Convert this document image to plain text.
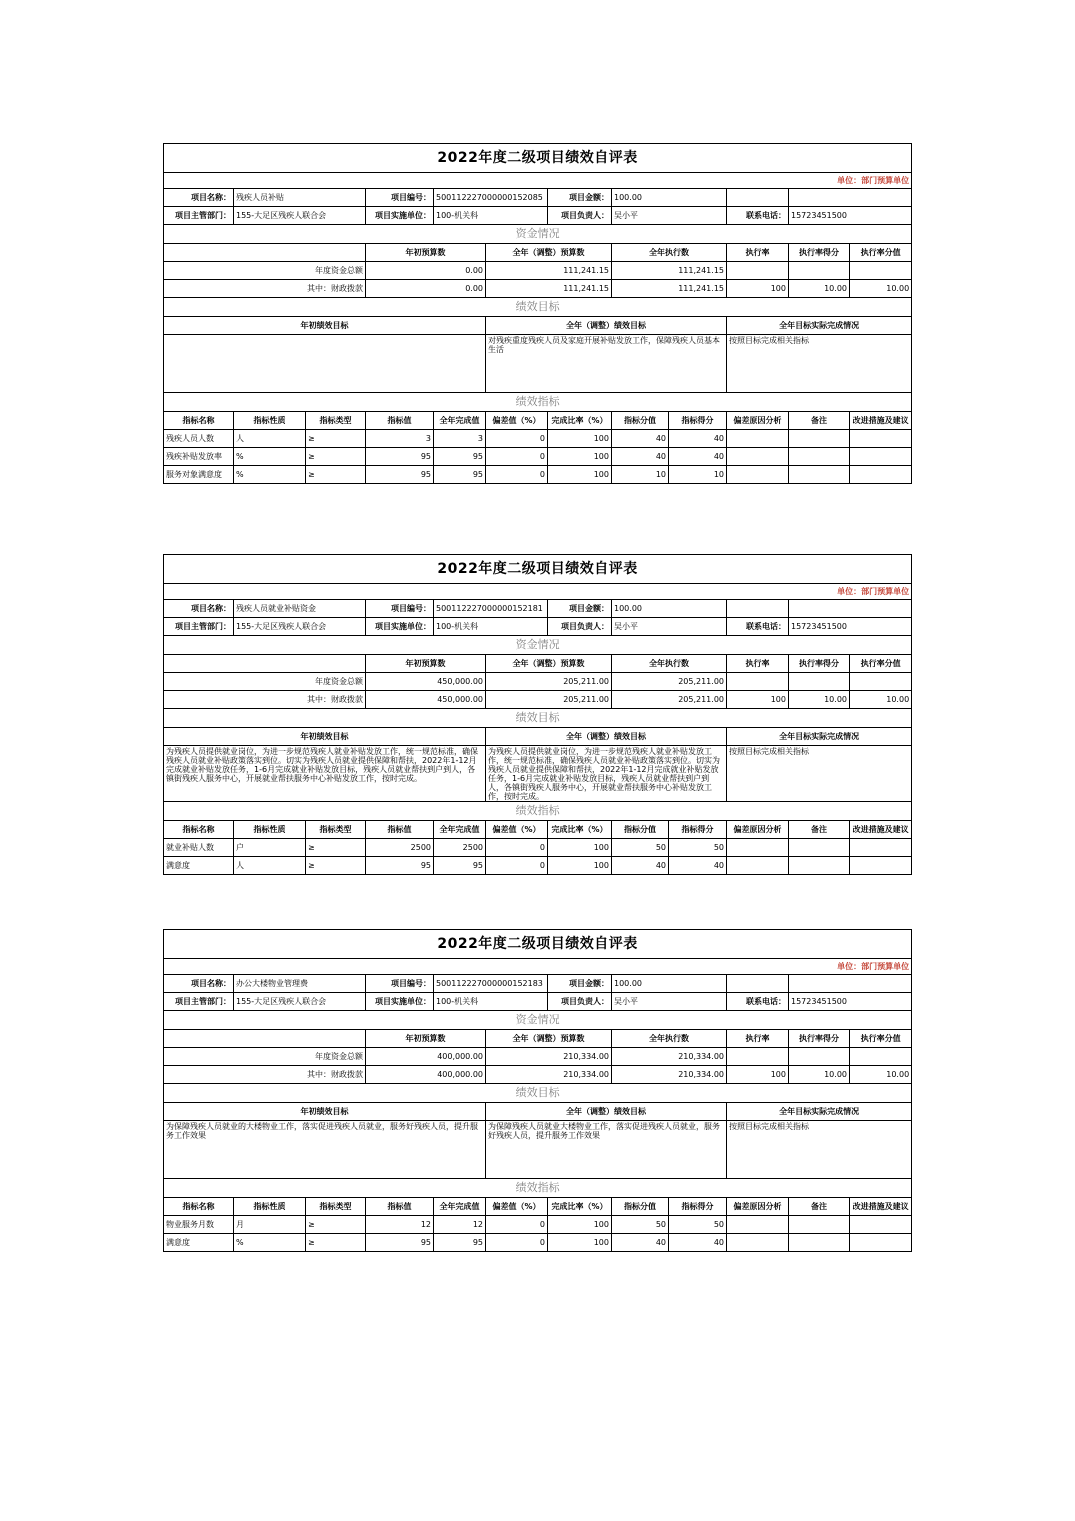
2022年度二级项目绩效自评表											
单位：部门预算单位											
项目名称：	残疾人员补贴		项目编号：	500112227000000152085		项目金额：	100.00				
项目主管部门：	155-大足区残疾人联合会		项目实施单位：	100-机关科		项目负责人：	吴小平		联系电话：	15723451500	
资金情况											
			年初预算数		全年（调整）预算数		全年执行数		执行率	执行率得分	执行率分值
年度资金总额			0.00		111,241.15		111,241.15				
其中：财政拨款			0.00		111,241.15		111,241.15		100	10.00	10.00
绩效目标											
年初绩效目标					全年（调整）绩效目标				全年目标实际完成情况		
					对残疾重度残疾人员及家庭开展补贴发放工作，保障残疾人员基本生活				按照目标完成相关指标		
绩效指标											
指标名称	指标性质	指标类型	指标值	全年完成值	偏差值（%）	完成比率（%）	指标分值	指标得分	偏差原因分析	备注	改进措施及建议
残疾人员人数	人	≥	3	3	0	100	40	40			
残疾补贴发放率	%	≥	95	95	0	100	40	40			
服务对象满意度	%	≥	95	95	0	100	10	10			
2022年度二级项目绩效自评表											
单位：部门预算单位											
项目名称：	残疾人员就业补贴资金		项目编号：	500112227000000152181		项目金额：	100.00				
项目主管部门：	155-大足区残疾人联合会		项目实施单位：	100-机关科		项目负责人：	吴小平		联系电话：	15723451500	
资金情况											
			年初预算数		全年（调整）预算数		全年执行数		执行率	执行率得分	执行率分值
年度资金总额			450,000.00		205,211.00		205,211.00				
其中：财政拨款			450,000.00		205,211.00		205,211.00		100	10.00	10.00
绩效目标											
年初绩效目标					全年（调整）绩效目标				全年目标实际完成情况		
为残疾人员提供就业岗位，为进一步规范残疾人就业补贴发放工作，统一规范标准，确保残疾人员就业补贴政策落实到位。切实为残疾人员就业提供保障和帮扶，2022年1-12月完成就业补贴发放任务，1-6月完成就业补贴发放目标，残疾人员就业帮扶到户到人，各镇街残疾人服务中心，开展就业帮扶服务中心补贴发放工作，按时完成。					为残疾人员提供就业岗位，为进一步规范残疾人就业补贴发放工作，统一规范标准，确保残疾人员就业补贴政策落实到位。切实为残疾人员就业提供保障和帮扶，2022年1-12月完成就业补贴发放任务，1-6月完成就业补贴发放目标，残疾人员就业帮扶到户到人，各镇街残疾人服务中心，开展就业帮扶服务中心补贴发放工作，按时完成。				按照目标完成相关指标		
绩效指标											
指标名称	指标性质	指标类型	指标值	全年完成值	偏差值（%）	完成比率（%）	指标分值	指标得分	偏差原因分析	备注	改进措施及建议
就业补贴人数	户	≥	2500	2500	0	100	50	50			
满意度	人	≥	95	95	0	100	40	40			
2022年度二级项目绩效自评表											
单位：部门预算单位											
项目名称：	办公大楼物业管理费		项目编号：	500112227000000152183		项目金额：	100.00				
项目主管部门：	155-大足区残疾人联合会		项目实施单位：	100-机关科		项目负责人：	吴小平		联系电话：	15723451500	
资金情况											
			年初预算数		全年（调整）预算数		全年执行数		执行率	执行率得分	执行率分值
年度资金总额			400,000.00		210,334.00		210,334.00				
其中：财政拨款			400,000.00		210,334.00		210,334.00		100	10.00	10.00
绩效目标											
年初绩效目标					全年（调整）绩效目标				全年目标实际完成情况		
为保障残疾人员就业的大楼物业工作，落实促进残疾人员就业，服务好残疾人员，提升服务工作效果					为保障残疾人员就业大楼物业工作，落实促进残疾人员就业，服务好残疾人员，提升服务工作效果				按照目标完成相关指标		
绩效指标											
指标名称	指标性质	指标类型	指标值	全年完成值	偏差值（%）	完成比率（%）	指标分值	指标得分	偏差原因分析	备注	改进措施及建议
物业服务月数	月	≥	12	12	0	100	50	50			
满意度	%	≥	95	95	0	100	40	40			
